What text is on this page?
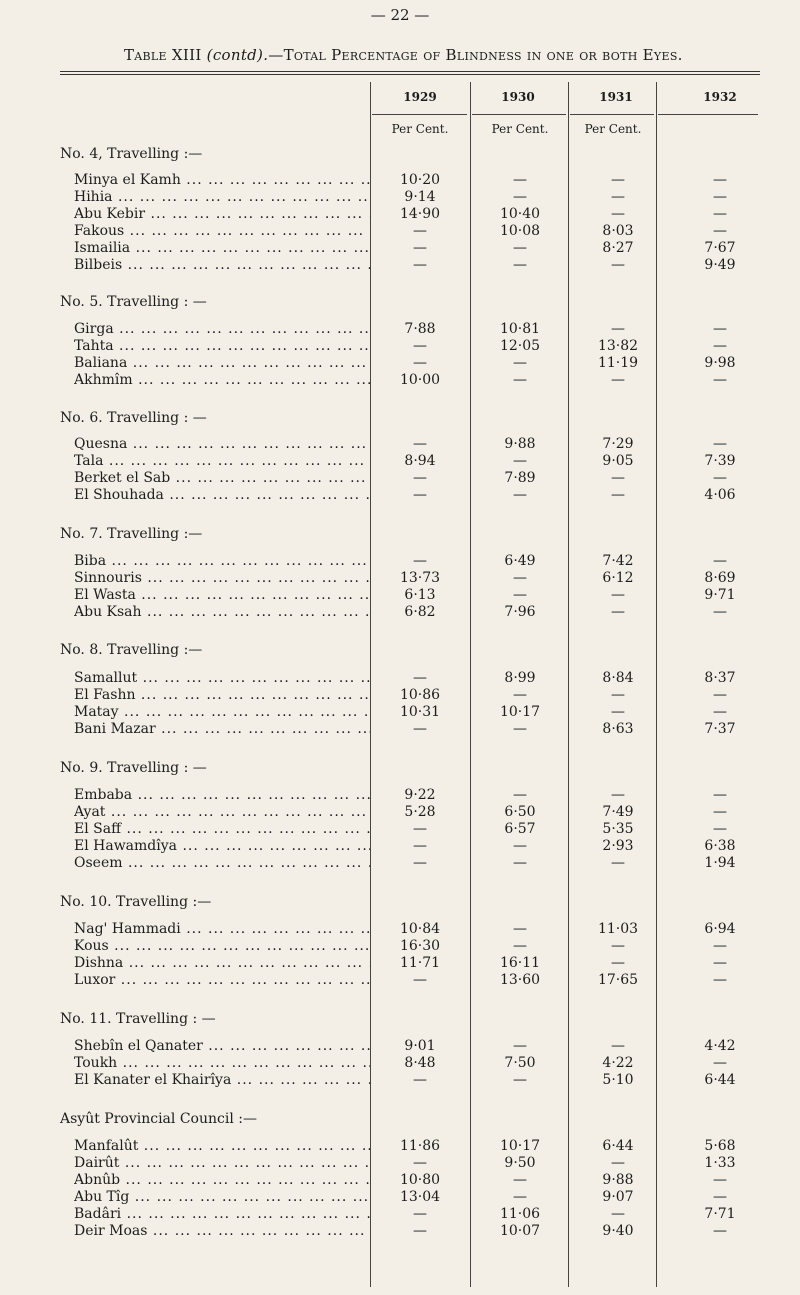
— 22 —
Table XIII (contd).—Total Percentage of Blindness in one or both Eyes.
1929	1930	1931	1932
Per Cent.	Per Cent.	Per Cent.
No. 4, Travelling :—
Minya el Kamh ... .	10·20	—	—	—
Hihia ... .	9·14	—	—	—
Abu Kebir ... .	14·90	10·40	—	—
Fakous ... .	—	10·08	8·03	—
Ismailia ... .	—	—	8·27	7·67
Bilbeis ... .	—	—	—	9·49
No. 5. Travelling : —
Girga ... .	7·88	10·81	—	—
Tahta ... .	—	12·05	13·82	—
Baliana ... .	—	—	11·19	9·98
Akhmîm ... .	10·00	—	—	—
No. 6. Travelling : —
Quesna ... .	—	9·88	7·29	—
Tala ... .	8·94	—	9·05	7·39
Berket el Sab ... .	—	7·89	—	—
El Shouhada ... .	—	—	—	4·06
No. 7. Travelling :—
Biba ... .	—	6·49	7·42	—
Sinnouris ... .	13·73	—	6·12	8·69
El Wasta ... .	6·13	—	—	9·71
Abu Ksah ... .	6·82	7·96	—	—
No. 8. Travelling :—
Samallut ... .	—	8·99	8·84	8·37
El Fashn ... .	10·86	—	—	—
Matay ... .	10·31	10·17	—	—
Bani Mazar ... .	—	—	8·63	7·37
No. 9. Travelling : —
Embaba ... .	9·22	—	—	—
Ayat ... .	5·28	6·50	7·49	—
El Saff ... .	—	6·57	5·35	—
El Hawamdîya ... .	—	—	2·93	6·38
Oseem ... .	—	—	—	1·94
No. 10. Travelling :—
Nag' Hammadi ... .	10·84	—	11·03	6·94
Kous ... .	16·30	—	—	—
Dishna ... .	11·71	16·11	—	—
Luxor ... .	—	13·60	17·65	—
No. 11. Travelling : —
Shebîn el Qanater ... .	9·01	—	—	4·42
Toukh ... .	8·48	7·50	4·22	—
El Kanater el Khairîya ... .	—	—	5·10	6·44
Asyût Provincial Council :—
Manfalût ... .	11·86	10·17	6·44	5·68
Dairût ... .	—	9·50	—	1·33
Abnûb ... .	10·80	—	9·88	—
Abu Tîg ... .	13·04	—	9·07	—
Badâri ... .	—	11·06	—	7·71
Deir Moas ... .	—	10·07	9·40	—
